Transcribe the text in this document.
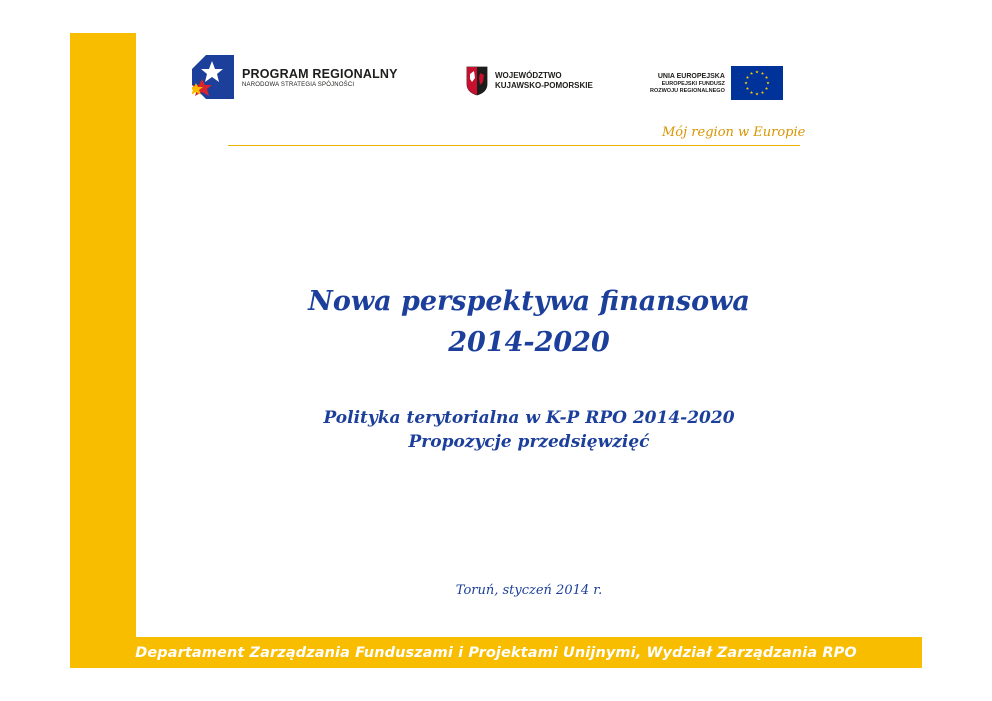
PROGRAM REGIONALNY
NARODOWA STRATEGIA SPÓJNOŚCI
WOJEWÓDZTWO
KUJAWSKO-POMORSKIE
UNIA EUROPEJSKA
EUROPEJSKI FUNDUSZ
ROZWOJU REGIONALNEGO
Mój region w Europie
Nowa perspektywa finansowa
2014-2020
Polityka terytorialna w K-P RPO 2014-2020
Propozycje przedsięwzięć
Toruń, styczeń 2014 r.
Departament Zarządzania Funduszami i Projektami Unijnymi, Wydział Zarządzania RPO
